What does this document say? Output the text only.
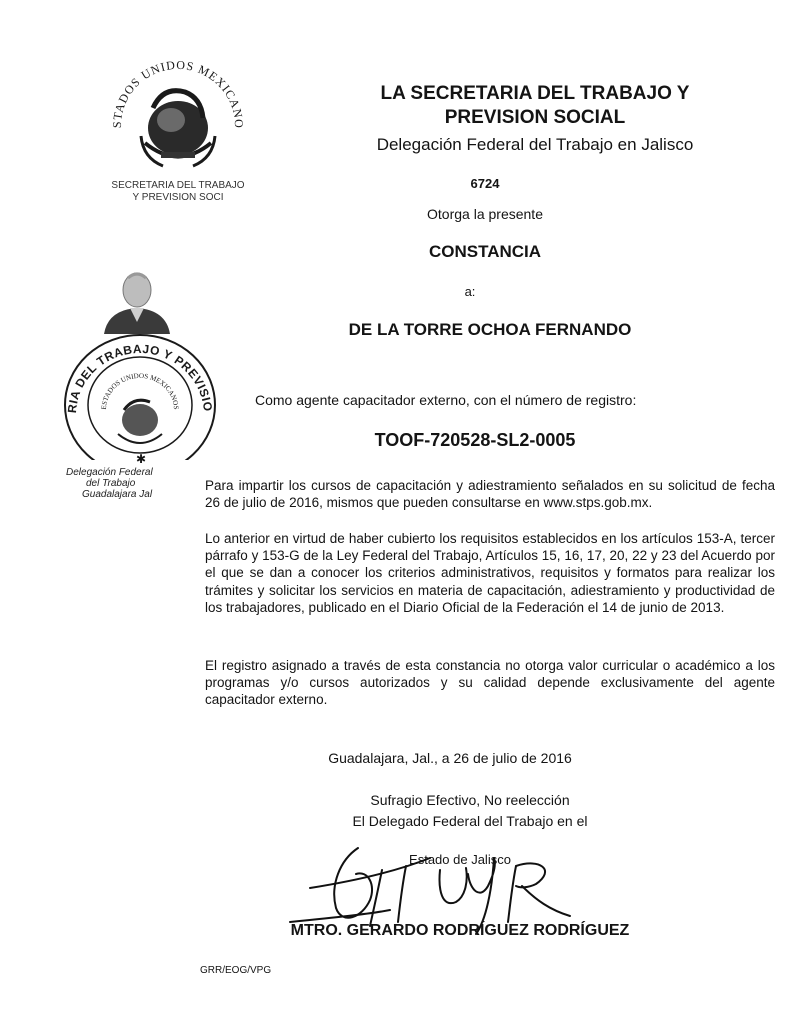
STADOS UNIDOS MEXICANO
SECRETARIA DEL TRABAJO
Y PREVISION SOCI
LA SECRETARIA DEL TRABAJO Y
PREVISION SOCIAL
Delegación Federal del Trabajo en Jalisco
6724
Otorga la presente
CONSTANCIA
a:
DE LA TORRE OCHOA FERNANDO
RIA DEL TRABAJO Y PREVISIO
ESTADOS UNIDOS MEXICANOS
✱
Delegación Federal
del Trabajo
Guadalajara Jal
Como agente capacitador externo, con el número de registro:
TOOF-720528-SL2-0005
Para impartir los cursos de capacitación y adiestramiento señalados en su solicitud de fecha 26 de julio de 2016, mismos que pueden consultarse en www.stps.gob.mx.
Lo anterior en virtud de haber cubierto los requisitos establecidos en los artículos 153-A, tercer párrafo y 153-G de la Ley Federal del Trabajo, Artículos 15, 16, 17, 20, 22 y 23 del Acuerdo por el que se dan a conocer los criterios administrativos, requisitos y formatos para realizar los trámites y solicitar los servicios en materia de capacitación, adiestramiento y productividad de los trabajadores, publicado en el Diario Oficial de la Federación el 14 de junio de 2013.
El registro asignado a través de esta constancia no otorga valor curricular o académico a los programas y/o cursos autorizados y su calidad depende exclusivamente del agente capacitador externo.
Guadalajara, Jal., a 26 de julio de 2016
Sufragio Efectivo, No reelección
El Delegado Federal del Trabajo en el
Estado de Jalisco
MTRO. GERARDO RODRÍGUEZ RODRÍGUEZ
GRR/EOG/VPG
